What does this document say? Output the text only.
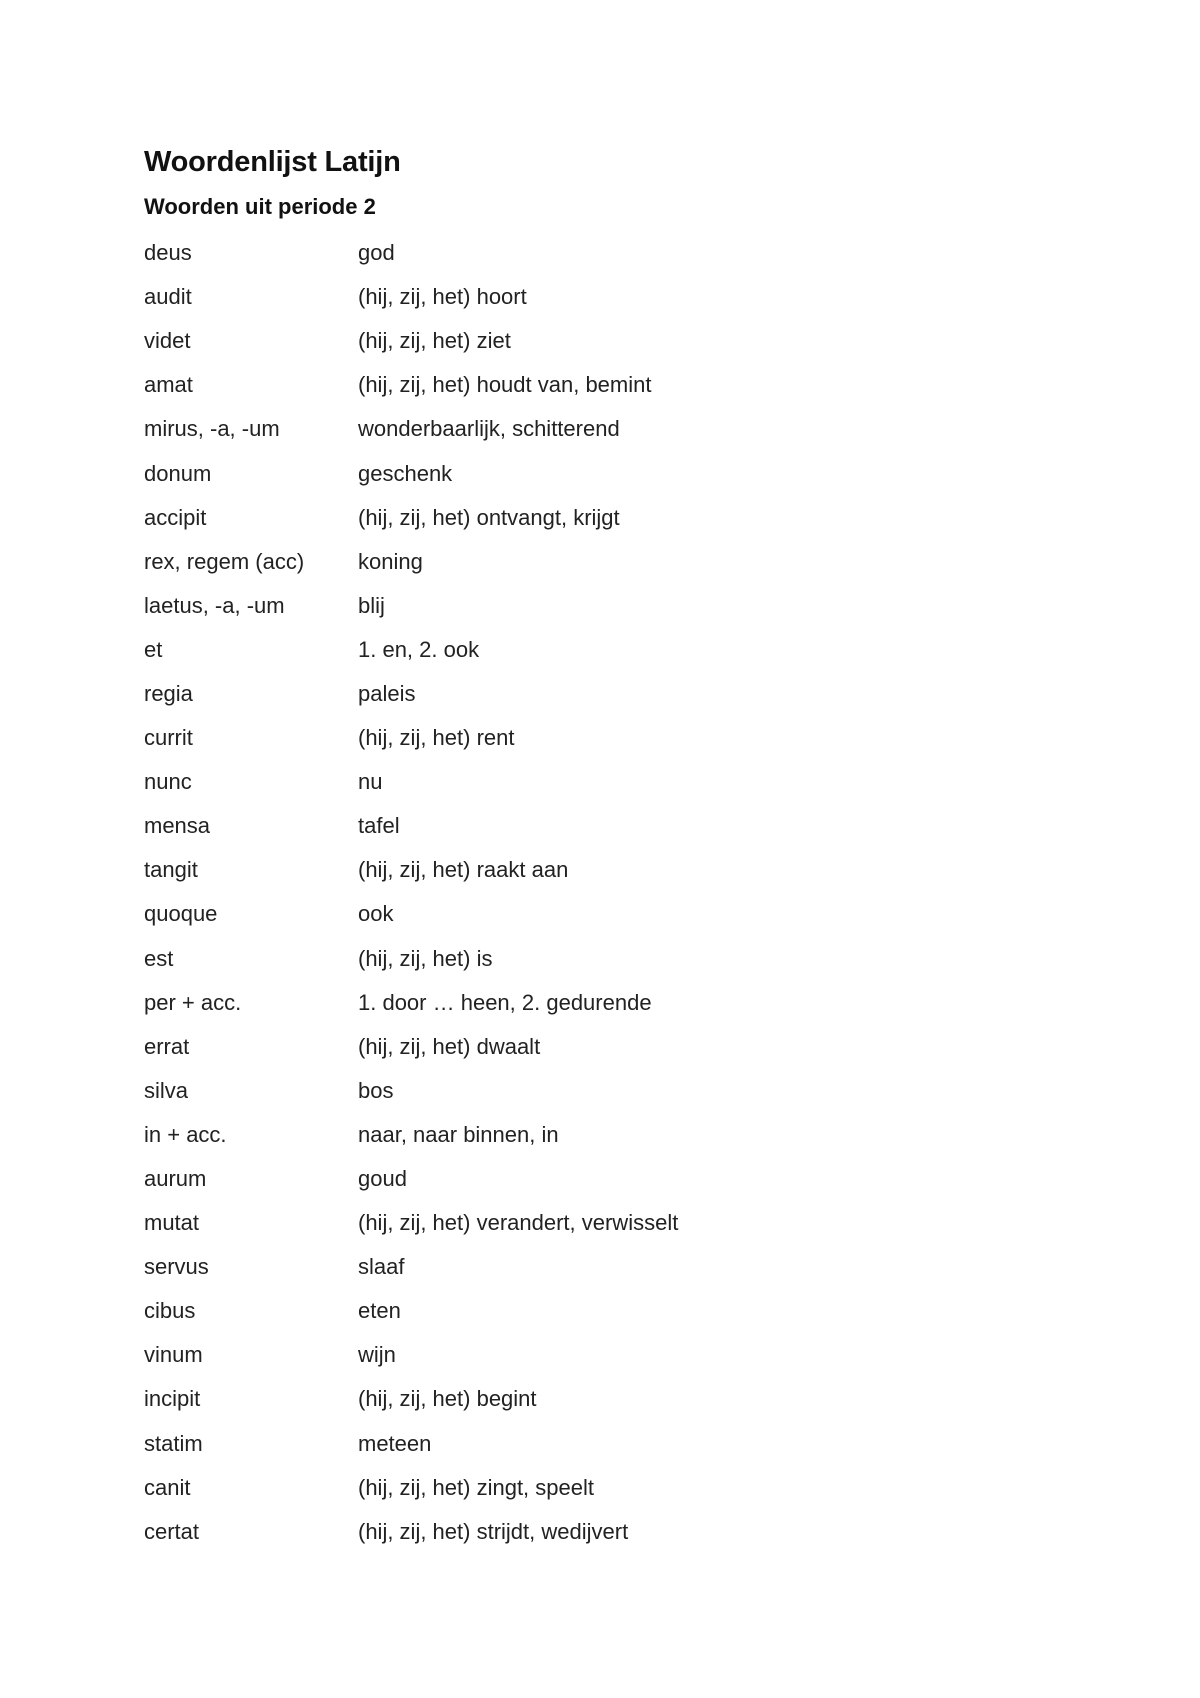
Woordenlijst Latijn
Woorden uit periode 2
deus	god
audit	(hij, zij, het) hoort
videt	(hij, zij, het) ziet
amat	(hij, zij, het) houdt van, bemint
mirus, -a, -um	wonderbaarlijk, schitterend
donum	geschenk
accipit	(hij, zij, het) ontvangt, krijgt
rex, regem (acc)	koning
laetus, -a, -um	blij
et	1. en, 2. ook
regia	paleis
currit	(hij, zij, het) rent
nunc	nu
mensa	tafel
tangit	(hij, zij, het) raakt aan
quoque	ook
est	(hij, zij, het) is
per + acc.	1. door … heen, 2. gedurende
errat	(hij, zij, het) dwaalt
silva	bos
in + acc.	naar, naar binnen, in
aurum	goud
mutat	(hij, zij, het) verandert, verwisselt
servus	slaaf
cibus	eten
vinum	wijn
incipit	(hij, zij, het) begint
statim	meteen
canit	(hij, zij, het) zingt, speelt
certat	(hij, zij, het) strijdt, wedijvert
